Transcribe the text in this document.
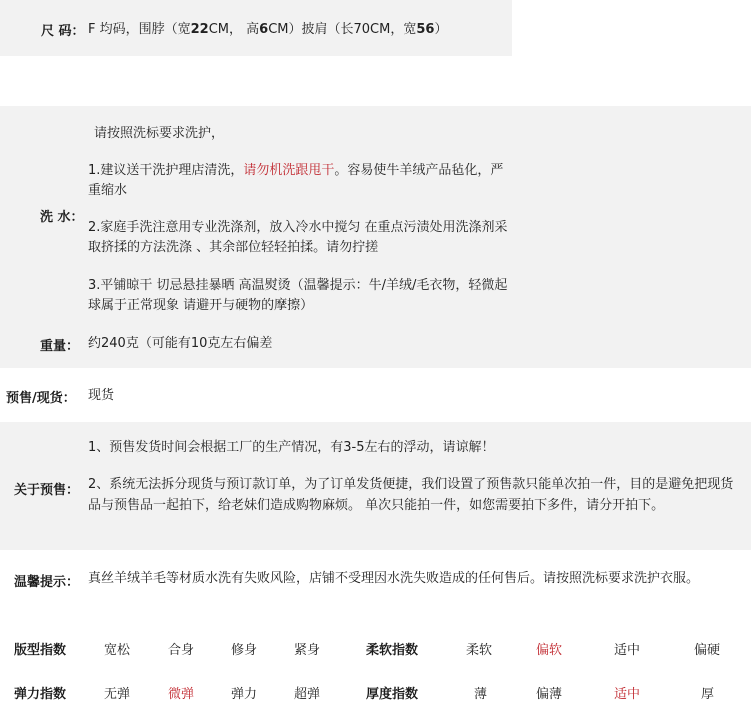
尺 码： F 均码，围脖（宽22CM， 高6CM）披肩（长70CM，宽56）
请按照洗标要求洗护，
1.建议送干洗护理店清洗，请勿机洗跟甩干。容易使牛羊绒产品毡化，严重缩水
洗 水：
2.家庭手洗注意用专业洗涤剂，放入冷水中搅匀 在重点污渍处用洗涤剂采取挤揉的方法洗涤 、其余部位轻轻拍揉。请勿拧搓
3.平铺晾干 切忌悬挂暴晒 高温熨烫（温馨提示：牛/羊绒/毛衣物，轻微起球属于正常现象 请避开与硬物的摩擦）
重量： 约240克（可能有10克左右偏差
预售/现货： 现货
1、预售发货时间会根据工厂的生产情况，有3-5左右的浮动，请谅解！
关于预售： 2、系统无法拆分现货与预订款订单，为了订单发货便捷，我们设置了预售款只能单次拍一件，目的是避免把现货品与预售品一起拍下，给老妹们造成购物麻烦。 单次只能拍一件，如您需要拍下多件，请分开拍下。
温馨提示： 真丝羊绒羊毛等材质水洗有失败风险，店铺不受理因水洗失败造成的任何售后。请按照洗标要求洗护衣服。
版型指数	宽松	合身	修身	紧身	柔软指数	柔软	偏软	适中	偏硬
弹力指数	无弹	微弹	弹力	超弹	厚度指数	薄	偏薄	适中	厚
